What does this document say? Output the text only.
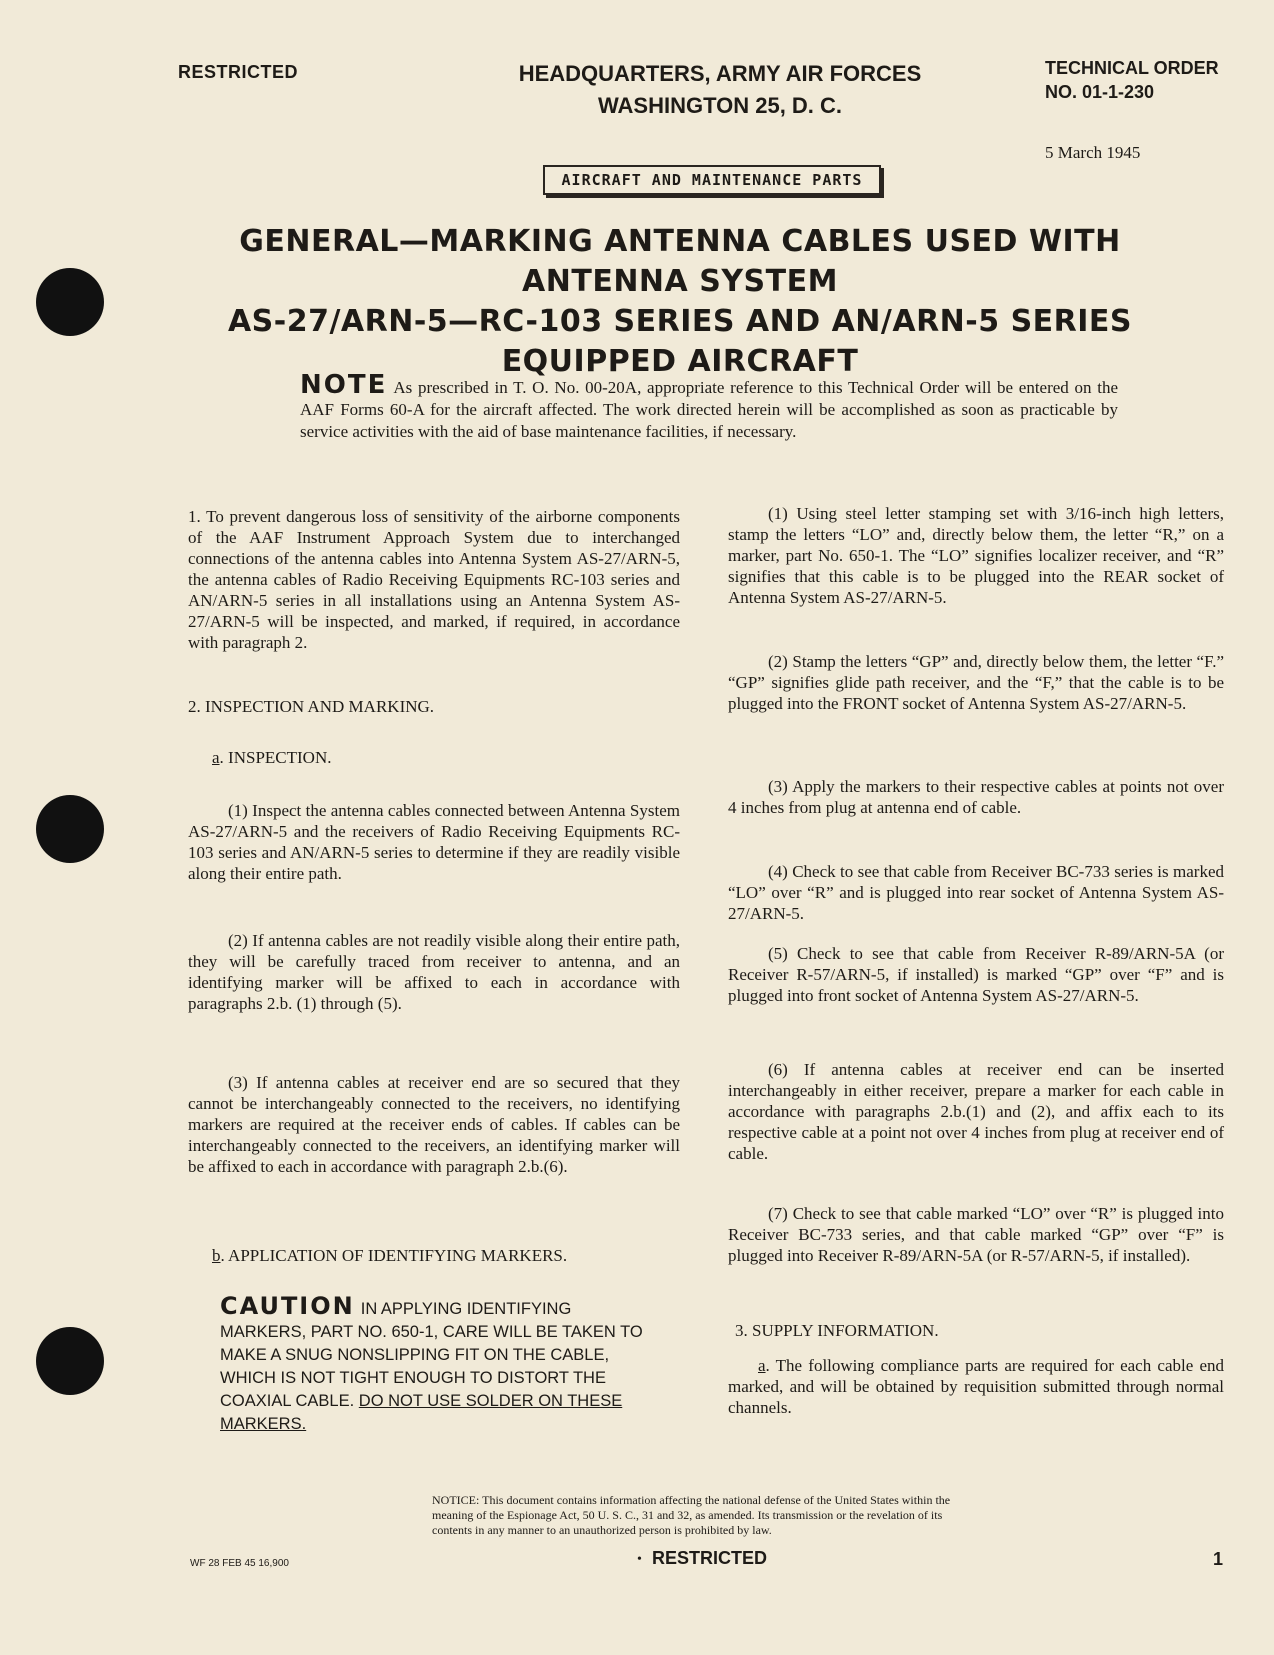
RESTRICTED	HEADQUARTERS, ARMY AIR FORCES
WASHINGTON 25, D. C.
TECHNICAL ORDER
NO. 01-1-230
5 March 1945
AIRCRAFT AND MAINTENANCE PARTS
GENERAL—MARKING ANTENNA CABLES USED WITH ANTENNA SYSTEM
AS-27/ARN-5—RC-103 SERIES AND AN/ARN-5 SERIES
EQUIPPED AIRCRAFT
NOTE As prescribed in T. O. No. 00-20A, appropriate reference to this Technical Order will be entered on the AAF Forms 60-A for the aircraft affected. The work directed herein will be accomplished as soon as practicable by service activities with the aid of base maintenance facilities, if necessary.

1. To prevent dangerous loss of sensitivity of the airborne components of the AAF Instrument Approach System due to interchanged connections of the antenna cables into Antenna System AS-27/ARN-5, the antenna cables of Radio Receiving Equipments RC-103 series and AN/ARN-5 series in all installations using an Antenna System AS-27/ARN-5 will be inspected, and marked, if required, in accordance with paragraph 2.

2. INSPECTION AND MARKING.
a. INSPECTION.

(1) Inspect the antenna cables connected between Antenna System AS-27/ARN-5 and the receivers of Radio Receiving Equipments RC-103 series and AN/ARN-5 series to determine if they are readily visible along their entire path.

(2) If antenna cables are not readily visible along their entire path, they will be carefully traced from receiver to antenna, and an identifying marker will be affixed to each in accordance with paragraphs 2.b. (1) through (5).

(3) If antenna cables at receiver end are so secured that they cannot be interchangeably connected to the receivers, no identifying markers are required at the receiver ends of cables. If cables can be interchangeably connected to the receivers, an identifying marker will be affixed to each in accordance with paragraph 2.b.(6).

b. APPLICATION OF IDENTIFYING MARKERS.
CAUTION IN APPLYING IDENTIFYING MARKERS, PART NO. 650-1, CARE WILL BE TAKEN TO MAKE A SNUG NONSLIPPING FIT ON THE CABLE, WHICH IS NOT TIGHT ENOUGH TO DISTORT THE COAXIAL CABLE. DO NOT USE SOLDER ON THESE MARKERS.

(1) Using steel letter stamping set with 3/16-inch high letters, stamp the letters “LO” and, directly below them, the letter “R,” on a marker, part No. 650-1. The “LO” signifies localizer receiver, and “R” signifies that this cable is to be plugged into the REAR socket of Antenna System AS-27/ARN-5.

(2) Stamp the letters “GP” and, directly below them, the letter “F.” “GP” signifies glide path receiver, and the “F,” that the cable is to be plugged into the FRONT socket of Antenna System AS-27/ARN-5.

(3) Apply the markers to their respective cables at points not over 4 inches from plug at antenna end of cable.

(4) Check to see that cable from Receiver BC-733 series is marked “LO” over “R” and is plugged into rear socket of Antenna System AS-27/ARN-5.

(5) Check to see that cable from Receiver R-89/ARN-5A (or Receiver R-57/ARN-5, if installed) is marked “GP” over “F” and is plugged into front socket of Antenna System AS-27/ARN-5.

(6) If antenna cables at receiver end can be inserted interchangeably in either receiver, prepare a marker for each cable in accordance with paragraphs 2.b.(1) and (2), and affix each to its respective cable at a point not over 4 inches from plug at receiver end of cable.

(7) Check to see that cable marked “LO” over “R” is plugged into Receiver BC-733 series, and that cable marked “GP” over “F” is plugged into Receiver R-89/ARN-5A (or R-57/ARN-5, if installed).

3. SUPPLY INFORMATION.

a. The following compliance parts are required for each cable end marked, and will be obtained by requisition submitted through normal channels.

NOTICE: This document contains information affecting the national defense of the United States within the meaning of the Espionage Act, 50 U. S. C., 31 and 32, as amended. Its transmission or the revelation of its contents in any manner to an unauthorized person is prohibited by law.
WF 28 FEB 45 16,900	• RESTRICTED	1
